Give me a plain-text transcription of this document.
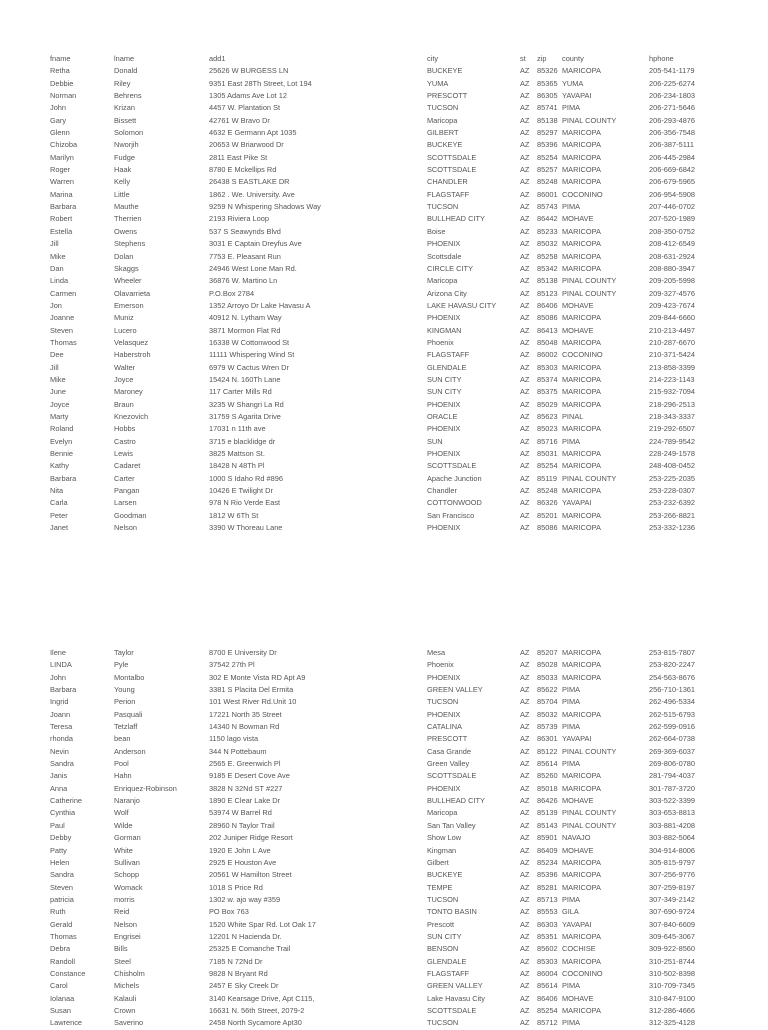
fname	lname	add1	city	st	zip	county	hphone
Retha	Donald	25626 W BURGESS LN	BUCKEYE	AZ	85326 MARICOPA	205-541-1179
Debbie	Riley	9351 East 28Th Street, Lot 194	YUMA	AZ	85365 YUMA	206-225-6274
Norman	Behrens	1305 Adams Ave Lot 12	PRESCOTT	AZ	86305 YAVAPAI	206-234-1803
John	Krizan	4457 W. Plantation St	TUCSON	AZ	85741 PIMA	206-271-5646
Gary	Bissett	42761 W Bravo Dr	Maricopa	AZ	85138 PINAL COUNTY	206-293-4876
Glenn	Solomon	4632 E Germann Apt 1035	GILBERT	AZ	85297 MARICOPA	206-356-7548
Chizoba	Nworjih	20653 W Briarwood Dr	BUCKEYE	AZ	85396 MARICOPA	206-387-5111
Marilyn	Fudge	2811 East Pike St	SCOTTSDALE	AZ	85254 MARICOPA	206-445-2984
Roger	Haak	8780 E Mckellips Rd	SCOTTSDALE	AZ	85257 MARICOPA	206-669-6842
Warren	Kelly	26438 S EASTLAKE DR	CHANDLER	AZ	85248 MARICOPA	206-679-5965
Marina	Little	1862 . We. University. Ave	FLAGSTAFF	AZ	86001 COCONINO	206-954-5908
Barbara	Mauthe	9259 N Whispering Shadows Way	TUCSON	AZ	85743 PIMA	207-446-0702
Robert	Therrien	2193 Riviera Loop	BULLHEAD CITY	AZ	86442 MOHAVE	207-520-1989
Estella	Owens	537 S Seawynds Blvd	Boise	AZ	85233 MARICOPA	208-350-0752
Jill	Stephens	3031 E Captain Dreyfus Ave	PHOENIX	AZ	85032 MARICOPA	208-412-6549
Mike	Dolan	7753 E. Pleasant Run	Scottsdale	AZ	85258 MARICOPA	208-631-2924
Dan	Skaggs	24946 West Lone Man Rd.	CIRCLE CITY	AZ	85342 MARICOPA	208-880-3947
Linda	Wheeler	36876 W. Martino Ln	Maricopa	AZ	85138 PINAL COUNTY	209-205-5998
Carmen	Olavarrieta	P.O.Box 2784	Arizona City	AZ	85123 PINAL COUNTY	209-327-4576
Jon	Emerson	1352 Arroyo Dr Lake Havasu A	LAKE HAVASU CITY	AZ	86406 MOHAVE	209-423-7674
Joanne	Muniz	40912 N. Lytham Way	PHOENIX	AZ	85086 MARICOPA	209-844-6660
Steven	Lucero	3871 Mormon Flat Rd	KINGMAN	AZ	86413 MOHAVE	210-213-4497
Thomas	Velasquez	16338 W Cottonwood St	Phoenix	AZ	85048 MARICOPA	210-287-6670
Dee	Haberstroh	11111 Whispering Wind St	FLAGSTAFF	AZ	86002 COCONINO	210-371-5424
Jill	Walter	6979 W Cactus Wren Dr	GLENDALE	AZ	85303 MARICOPA	213-858-3399
Mike	Joyce	15424 N. 160Th Lane	SUN CITY	AZ	85374 MARICOPA	214-223-1143
June	Maroney	117 Carter Mills Rd	SUN CITY	AZ	85375 MARICOPA	215-932-7094
Joyce	Braun	3235 W Shangri La Rd	PHOENIX	AZ	85029 MARICOPA	218-296-2513
Marty	Knezovich	31759 S Agarita Drive	ORACLE	AZ	85623 PINAL	218-343-3337
Roland	Hobbs	17031 n 11th ave	PHOENIX	AZ	85023 MARICOPA	219-292-6507
Evelyn	Castro	3715 e blacklidge dr	SUN	AZ	85716 PIMA	224-789-9542
Bennie	Lewis	3825 Mattson St.	PHOENIX	AZ	85031 MARICOPA	228-249-1578
Kathy	Cadaret	18428 N 48Th Pl	SCOTTSDALE	AZ	85254 MARICOPA	248-408-0452
Barbara	Carter	1000 S Idaho Rd #896	Apache Junction	AZ	85119 PINAL COUNTY	253-225-2035
Nita	Pangan	10426 E Twilight Dr	Chandler	AZ	85248 MARICOPA	253-228-0307
Carla	Larsen	978 N Rio Verde East	COTTONWOOD	AZ	86326 YAVAPAI	253-232-6392
Peter	Goodman	1812 W 6Th St	San Francisco	AZ	85201 MARICOPA	253-266-8821
Janet	Nelson	3390 W Thoreau Lane	PHOENIX	AZ	85086 MARICOPA	253-332-1236
Ilene	Taylor	8700 E University Dr	Mesa	AZ	85207 MARICOPA	253-815-7807
LINDA	Pyle	37542 27th Pl	Phoenix	AZ	85028 MARICOPA	253-820-2247
John	Montalbo	302 E Monte Vista RD Apt A9	PHOENIX	AZ	85033 MARICOPA	254-563-8676
Barbara	Young	3381 S Placita Del Ermita	GREEN VALLEY	AZ	85622 PIMA	256-710-1361
Ingrid	Perion	101 West River Rd.Unit 10	TUCSON	AZ	85704 PIMA	262-496-5334
Joann	Pasquali	17221 North 35 Street	PHOENIX	AZ	85032 MARICOPA	262-515-6793
Teresa	Tetzlaff	14340 N Bowman Rd	CATALINA	AZ	85739 PIMA	262-599-0916
rhonda	bean	1150 lago vista	PRESCOTT	AZ	86301 YAVAPAI	262-664-0738
Nevin	Anderson	344 N Pottebaum	Casa Grande	AZ	85122 PINAL COUNTY	269-369-6037
Sandra	Pool	2565 E. Greenwich Pl	Green Valley	AZ	85614 PIMA	269-806-0780
Janis	Hahn	9185 E Desert Cove Ave	SCOTTSDALE	AZ	85260 MARICOPA	281-794-4037
Anna	Enriquez-Robinson	3828 N 32Nd ST #227	PHOENIX	AZ	85018 MARICOPA	301-787-3720
Catherine	Naranjo	1890 E Clear Lake Dr	BULLHEAD CITY	AZ	86426 MOHAVE	303-522-3399
Cynthia	Wolf	53974 W Barrel Rd	Maricopa	AZ	85139 PINAL COUNTY	303-653-8813
Paul	Wilde	28960 N Taylor Trail	San Tan Valley	AZ	85143 PINAL COUNTY	303-881-4208
Debby	Gorman	202 Juniper Ridge Resort	Show Low	AZ	85901 NAVAJO	303-882-5064
Patty	White	1920 E John L Ave	Kingman	AZ	86409 MOHAVE	304-914-8006
Helen	Sullivan	2925 E Houston Ave	Gilbert	AZ	85234 MARICOPA	305-815-9797
Sandra	Schopp	20561 W Hamilton Street	BUCKEYE	AZ	85396 MARICOPA	307-256-9776
Steven	Womack	1018 S Price Rd	TEMPE	AZ	85281 MARICOPA	307-259-8197
patricia	morris	1302 w. ajo way #359	TUCSON	AZ	85713 PIMA	307-349-2142
Ruth	Reid	PO Box 763	TONTO BASIN	AZ	85553 GILA	307-690-9724
Gerald	Nelson	1520 White Spar Rd. Lot Oak 17	Prescott	AZ	86303 YAVAPAI	307-840-6609
Thomas	Engrisei	12201 N Hacienda Dr.	SUN CITY	AZ	85351 MARICOPA	309-645-3067
Debra	Bills	25325 E Comanche Trail	BENSON	AZ	85602 COCHISE	309-922-8560
Randoll	Steel	7185 N 72Nd Dr	GLENDALE	AZ	85303 MARICOPA	310-251-8744
Constance	Chisholm	9828 N Bryant Rd	FLAGSTAFF	AZ	86004 COCONINO	310-502-8398
Carol	Michels	2457 E Sky Creek Dr	GREEN VALLEY	AZ	85614 PIMA	310-709-7345
Iolanaa	Kalauli	3140 Kearsage Drive, Apt C115,	Lake Havasu City	AZ	86406 MOHAVE	310-847-9100
Susan	Crown	16631 N. 56th Street, 2079-2	SCOTTSDALE	AZ	85254 MARICOPA	312-286-4666
Lawrence	Saverino	2458 North Sycamore Apt30	TUCSON	AZ	85712 PIMA	312-325-4128
